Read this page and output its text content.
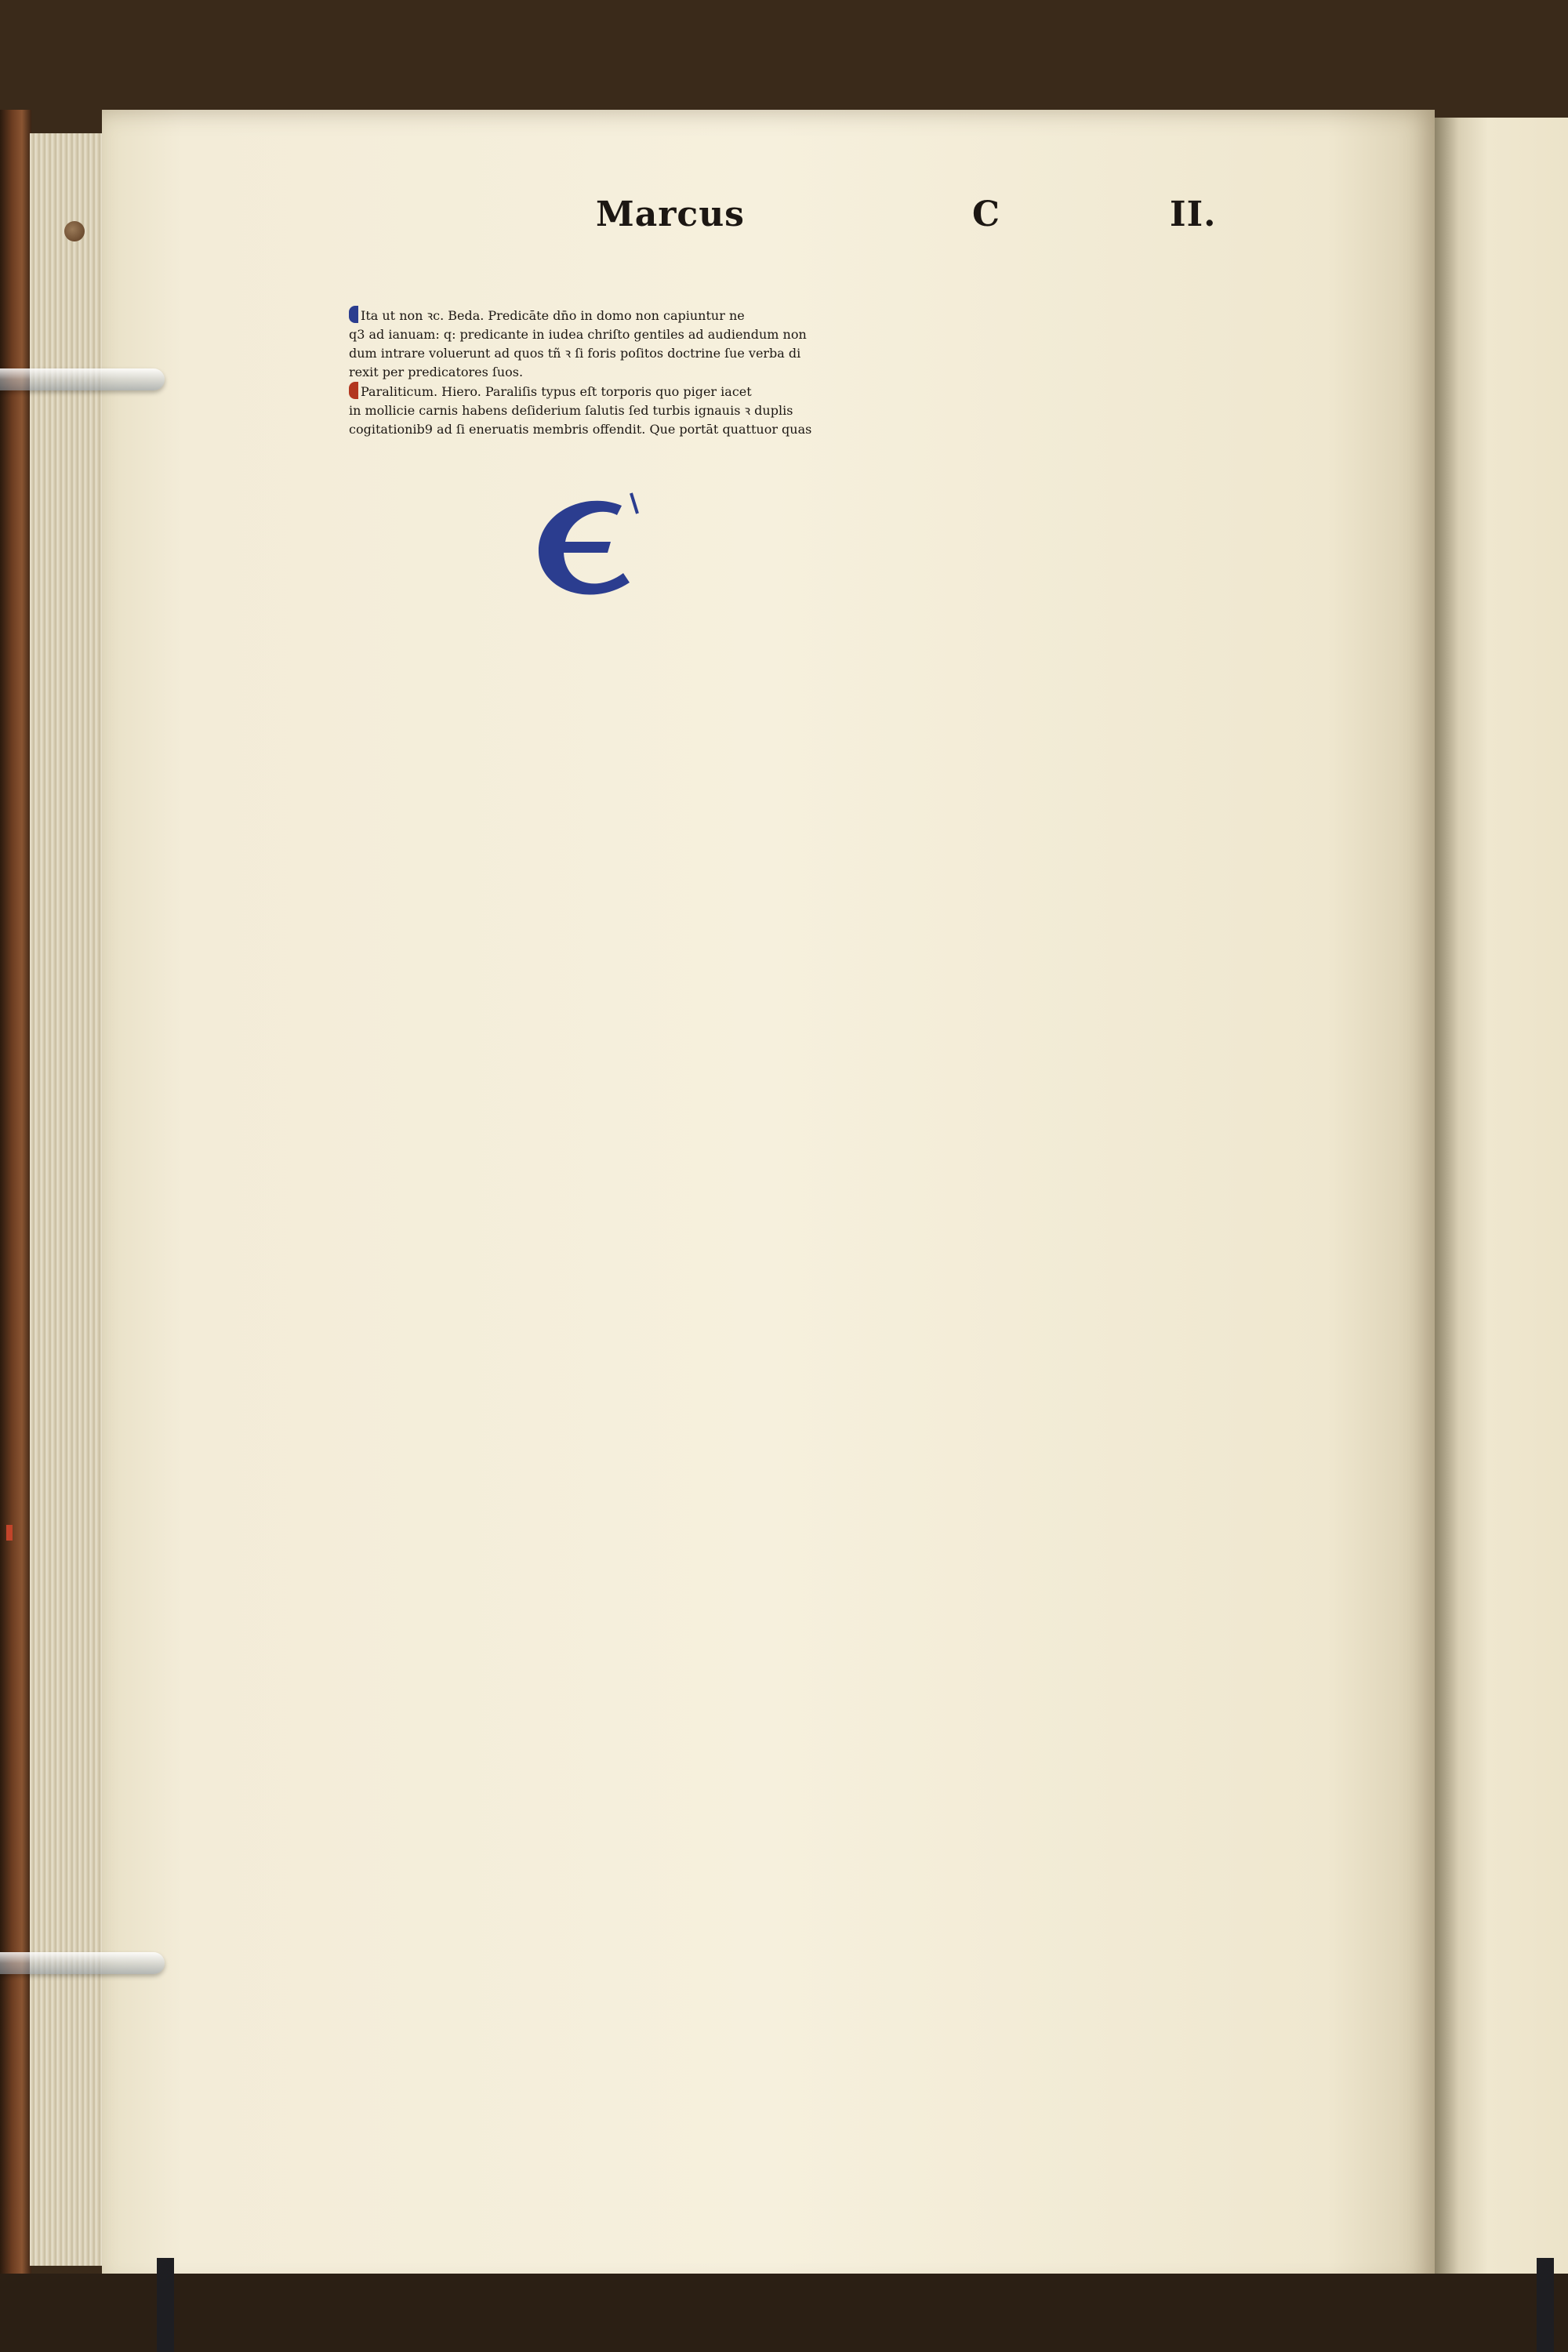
Marcus	C	II.

Ita ut non ꝛc. Beda. Predicāte dn̄o in domo non capiuntur ne

q3 ad ianuam: q: predicante in iudea chriſto gentiles ad audiendum non

dum intrare voluerunt ad quos tñ ꝛ ſi foris poſitos doctrine ſue verba di

rexit per predicatores ſuos.

Paraliticum. Hiero. Paraliſis typus eſt torporis quo piger iacet

in mollicie carnis habens deſiderium ſalutis ſed turbis ignauis ꝛ duplis

cogitationib9 ad ſi eneruatis membris offendit. Que portāt quattuor quas
